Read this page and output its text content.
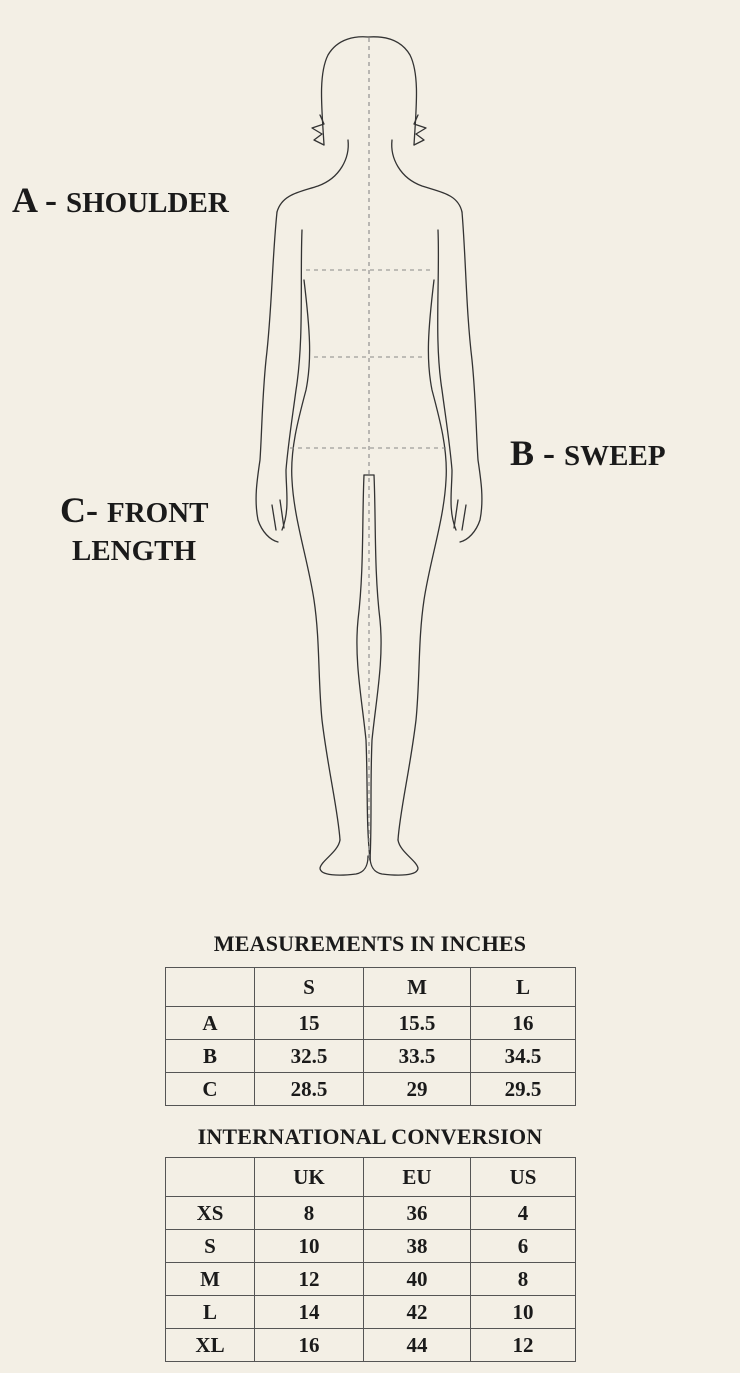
A - SHOULDER
B - SWEEP
C- FRONT
LENGTH
MEASUREMENTS IN INCHES
	S	M	L
A	15	15.5	16
B	32.5	33.5	34.5
C	28.5	29	29.5
INTERNATIONAL CONVERSION
	UK	EU	US
XS	8	36	4
S	10	38	6
M	12	40	8
L	14	42	10
XL	16	44	12
